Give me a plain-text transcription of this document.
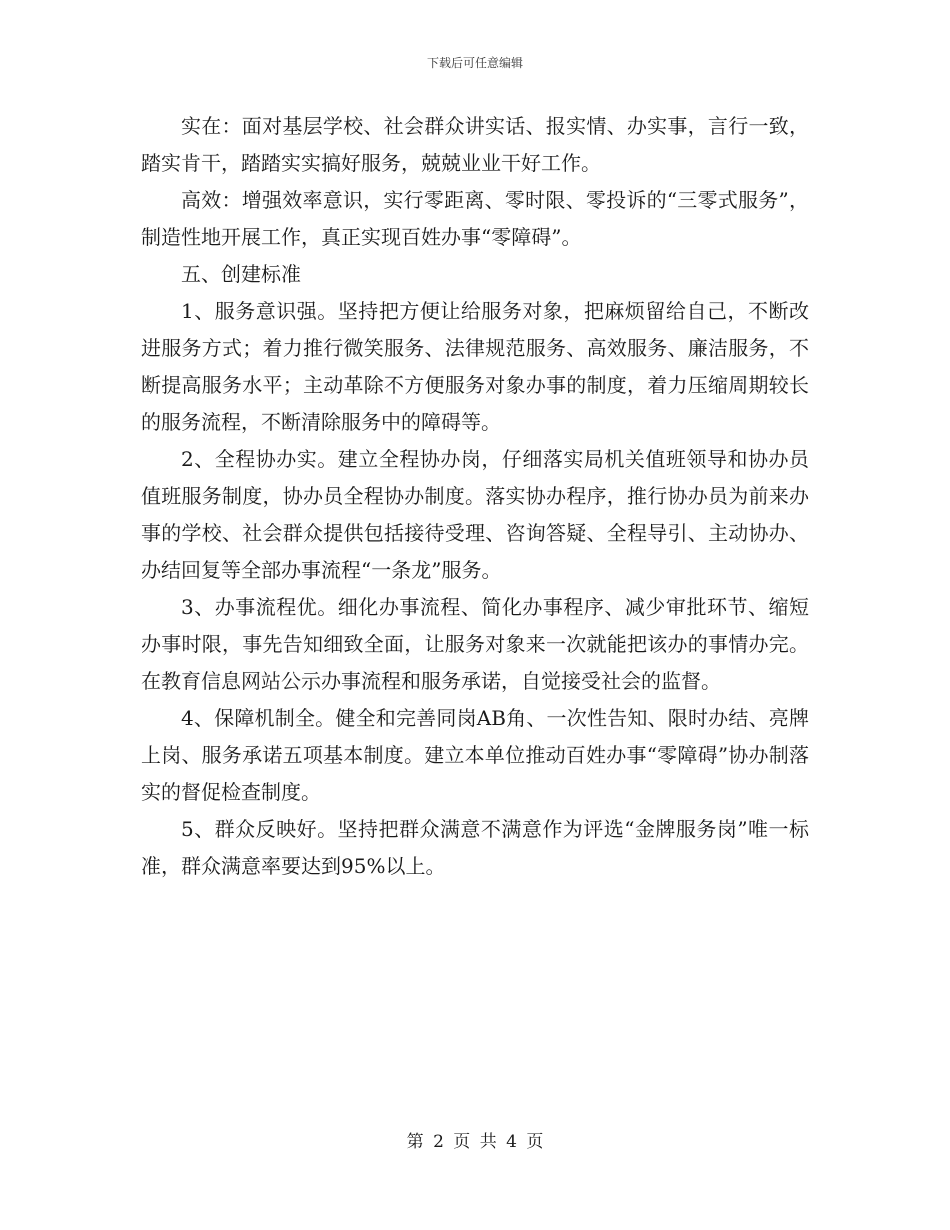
下载后可任意编辑

实在：面对基层学校、社会群众讲实话、报实情、办实事，言行一致，踏实肯干，踏踏实实搞好服务，兢兢业业干好工作。

高效：增强效率意识，实行零距离、零时限、零投诉的“三零式服务”，制造性地开展工作，真正实现百姓办事“零障碍”。

五、创建标准

1、服务意识强。坚持把方便让给服务对象，把麻烦留给自己，不断改进服务方式；着力推行微笑服务、法律规范服务、高效服务、廉洁服务，不断提高服务水平；主动革除不方便服务对象办事的制度，着力压缩周期较长的服务流程，不断清除服务中的障碍等。

2、全程协办实。建立全程协办岗，仔细落实局机关值班领导和协办员值班服务制度，协办员全程协办制度。落实协办程序，推行协办员为前来办事的学校、社会群众提供包括接待受理、咨询答疑、全程导引、主动协办、办结回复等全部办事流程“一条龙”服务。

3、办事流程优。细化办事流程、简化办事程序、减少审批环节、缩短办事时限，事先告知细致全面，让服务对象来一次就能把该办的事情办完。在教育信息网站公示办事流程和服务承诺，自觉接受社会的监督。

4、保障机制全。健全和完善同岗AB角、一次性告知、限时办结、亮牌上岗、服务承诺五项基本制度。建立本单位推动百姓办事“零障碍”协办制落实的督促检查制度。

5、群众反映好。坚持把群众满意不满意作为评选“金牌服务岗”唯一标准，群众满意率要达到95%以上。

第 2 页 共 4 页
